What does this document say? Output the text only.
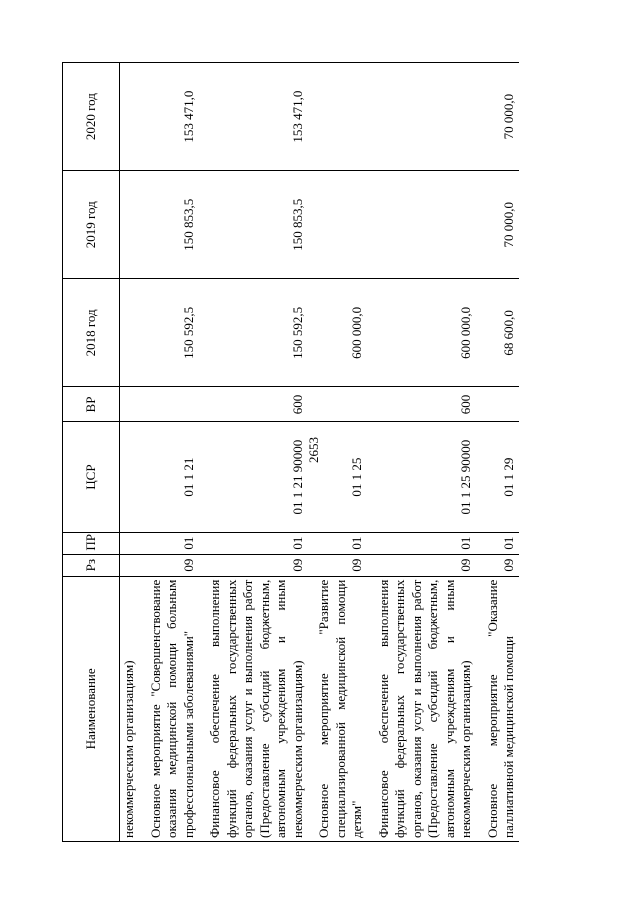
2653
Наименование	Рз	ПР	ЦСР	ВР	2018 год	2019 год	2020 год
некоммерческим организациям)							
Основное мероприятие "Совершенствование оказания медицинской помощи больным профессиональными заболеваниями"	09	01	01 1 21		150 592,5	150 853,5	153 471,0
Финансовое обеспечение выполнения функций федеральных государственных органов, оказания услуг и выполнения работ (Предоставление субсидий бюджетным, автономным учреждениям и иным некоммерческим организациям)	09	01	01 1 21 90000	600	150 592,5	150 853,5	153 471,0
Основное мероприятие "Развитие специализированной медицинской помощи детям"	09	01	01 1 25		600 000,0		
Финансовое обеспечение выполнения функций федеральных государственных органов, оказания услуг и выполнения работ (Предоставление субсидий бюджетным, автономным учреждениям и иным некоммерческим организациям)	09	01	01 1 25 90000	600	600 000,0		
Основное мероприятие "Оказание паллиативной медицинской помощи	09	01	01 1 29		68 600,0	70 000,0	70 000,0
